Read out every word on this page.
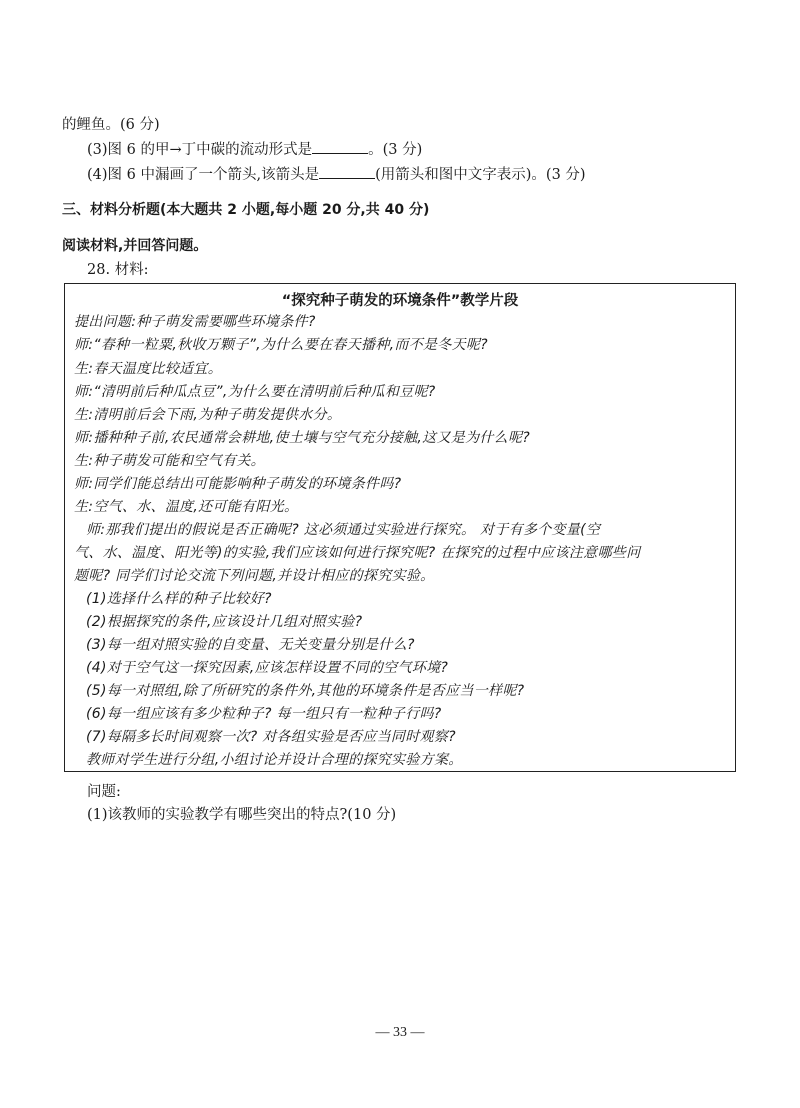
的鲤鱼。(6 分)
(3)图 6 的甲→丁中碳的流动形式是	。(3 分)
(4)图 6 中漏画了一个箭头,该箭头是	(用箭头和图中文字表示)。(3 分)
三、材料分析题(本大题共 2 小题,每小题 20 分,共 40 分)
阅读材料,并回答问题。
28. 材料:
“探究种子萌发的环境条件”教学片段
提出问题:种子萌发需要哪些环境条件?
师:“春种一粒粟,秋收万颗子”,为什么要在春天播种,而不是冬天呢?
生:春天温度比较适宜。
师:“清明前后种瓜点豆”,为什么要在清明前后种瓜和豆呢?
生:清明前后会下雨,为种子萌发提供水分。
师:播种种子前,农民通常会耕地,使土壤与空气充分接触,这又是为什么呢?
生:种子萌发可能和空气有关。
师:同学们能总结出可能影响种子萌发的环境条件吗?
生:空气、水、温度,还可能有阳光。
师:那我们提出的假说是否正确呢? 这必须通过实验进行探究。 对于有多个变量(空
气、水、温度、阳光等)的实验,我们应该如何进行探究呢? 在探究的过程中应该注意哪些问
题呢? 同学们讨论交流下列问题,并设计相应的探究实验。
(1)选择什么样的种子比较好?
(2)根据探究的条件,应该设计几组对照实验?
(3)每一组对照实验的自变量、无关变量分别是什么?
(4)对于空气这一探究因素,应该怎样设置不同的空气环境?
(5)每一对照组,除了所研究的条件外,其他的环境条件是否应当一样呢?
(6)每一组应该有多少粒种子? 每一组只有一粒种子行吗?
(7)每隔多长时间观察一次? 对各组实验是否应当同时观察?
教师对学生进行分组,小组讨论并设计合理的探究实验方案。
问题:
(1)该教师的实验教学有哪些突出的特点?(10 分)
— 33 —
